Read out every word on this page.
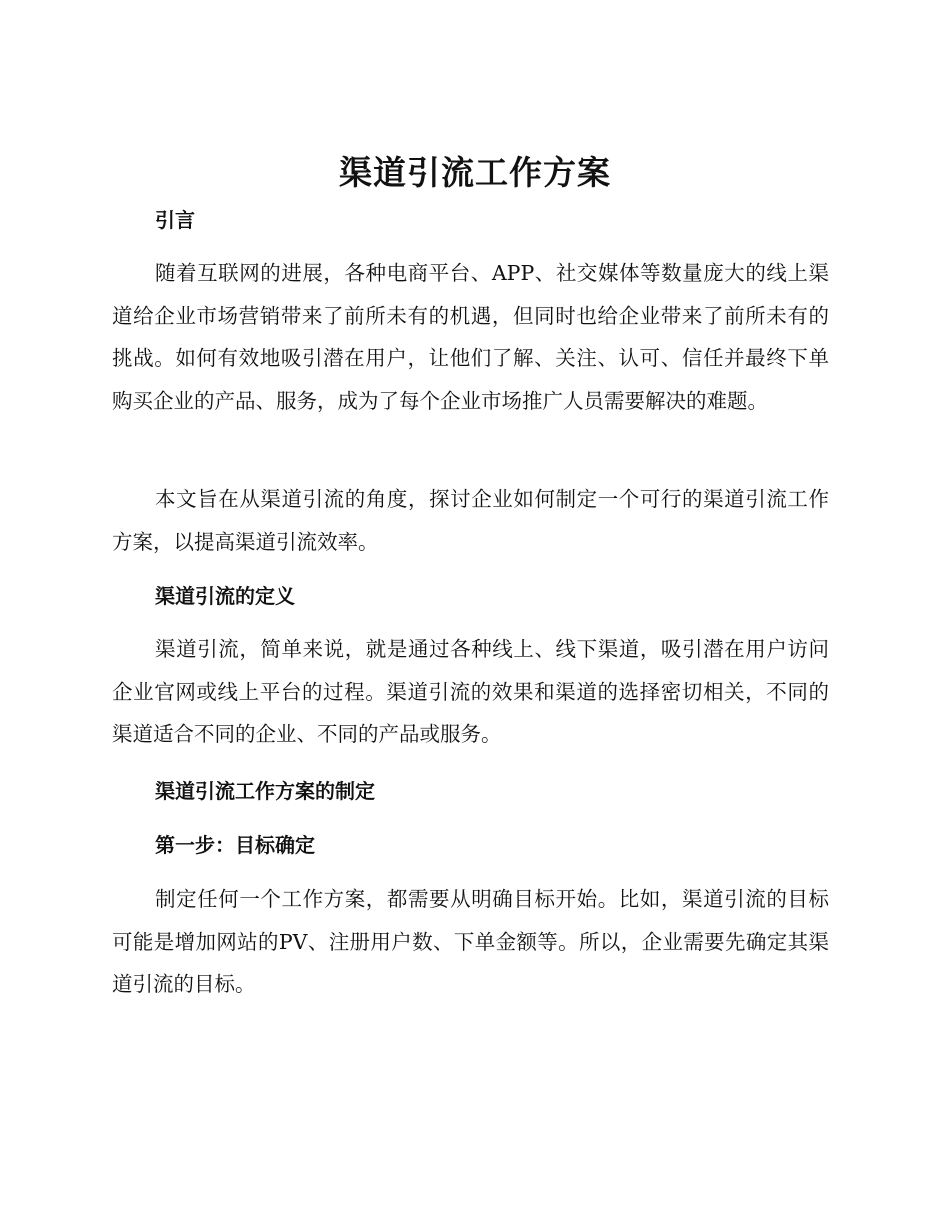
渠道引流工作方案
引言

随着互联网的进展，各种电商平台、APP、社交媒体等数量庞大的线上渠道给企业市场营销带来了前所未有的机遇，但同时也给企业带来了前所未有的挑战。如何有效地吸引潜在用户，让他们了解、关注、认可、信任并最终下单购买企业的产品、服务，成为了每个企业市场推广人员需要解决的难题。

本文旨在从渠道引流的角度，探讨企业如何制定一个可行的渠道引流工作方案，以提高渠道引流效率。

渠道引流的定义

渠道引流，简单来说，就是通过各种线上、线下渠道，吸引潜在用户访问企业官网或线上平台的过程。渠道引流的效果和渠道的选择密切相关，不同的渠道适合不同的企业、不同的产品或服务。

渠道引流工作方案的制定
第一步：目标确定

制定任何一个工作方案，都需要从明确目标开始。比如，渠道引流的目标可能是增加网站的PV、注册用户数、下单金额等。所以，企业需要先确定其渠道引流的目标。
